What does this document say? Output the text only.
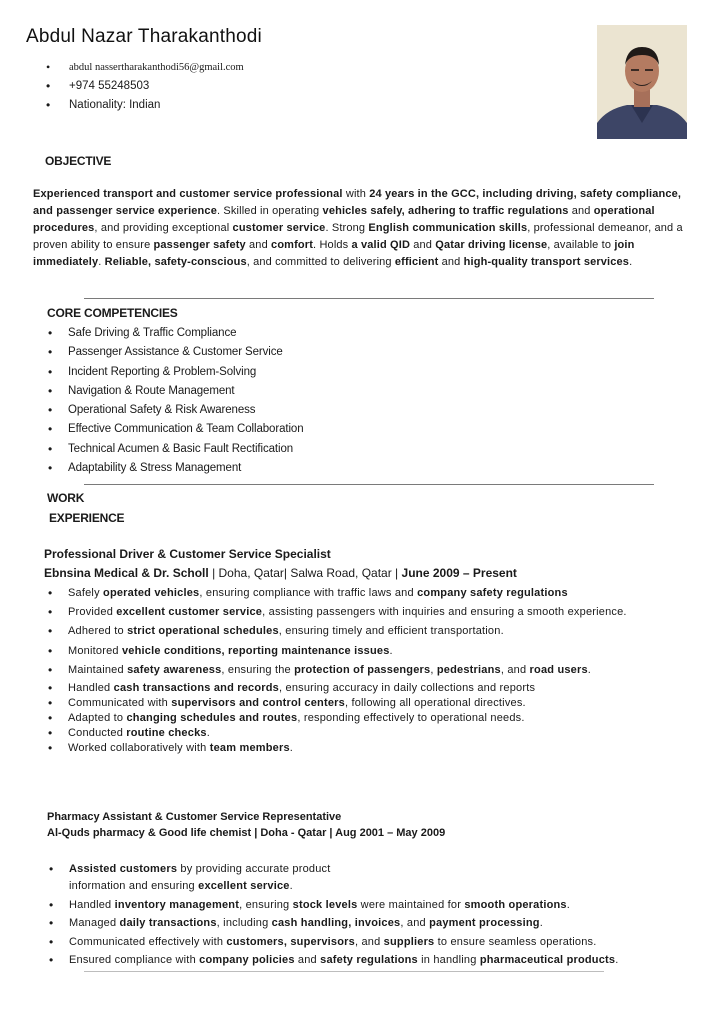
Abdul Nazar Tharakanthodi
• abdul nassertharakanthodi56@gmail.com
• +974 55248503
• Nationality: Indian
OBJECTIVE

Experienced transport and customer service professional with 24 years in the GCC, including driving, safety compliance, and passenger service experience. Skilled in operating vehicles safely, adhering to traffic regulations and operational procedures, and providing exceptional customer service. Strong English communication skills, professional demeanor, and a proven ability to ensure passenger safety and comfort. Holds a valid QID and Qatar driving license, available to join immediately. Reliable, safety-conscious, and committed to delivering efficient and high-quality transport services.

CORE COMPETENCIES
• Safe Driving & Traffic Compliance
• Passenger Assistance & Customer Service
• Incident Reporting & Problem-Solving
• Navigation & Route Management
• Operational Safety & Risk Awareness
• Effective Communication & Team Collaboration
• Technical Acumen & Basic Fault Rectification
• Adaptability & Stress Management
WORK
EXPERIENCE
Professional Driver & Customer Service Specialist
Ebnsina Medical & Dr. Scholl | Doha, Qatar| Salwa Road, Qatar | June 2009 – Present
• Safely operated vehicles, ensuring compliance with traffic laws and company safety regulations
• Provided excellent customer service, assisting passengers with inquiries and ensuring a smooth experience.
• Adhered to strict operational schedules, ensuring timely and efficient transportation.
• Monitored vehicle conditions, reporting maintenance issues.
• Maintained safety awareness, ensuring the protection of passengers, pedestrians, and road users.
• Handled cash transactions and records, ensuring accuracy in daily collections and reports
• Communicated with supervisors and control centers, following all operational directives.
• Adapted to changing schedules and routes, responding effectively to operational needs.
• Conducted routine checks.
• Worked collaboratively with team members.
Pharmacy Assistant & Customer Service Representative
Al-Quds pharmacy & Good life chemist | Doha - Qatar | Aug 2001 – May 2009
• Assisted customers by providing accurate product
information and ensuring excellent service.
• Handled inventory management, ensuring stock levels were maintained for smooth operations.
• Managed daily transactions, including cash handling, invoices, and payment processing.
• Communicated effectively with customers, supervisors, and suppliers to ensure seamless operations.
• Ensured compliance with company policies and safety regulations in handling pharmaceutical products.
